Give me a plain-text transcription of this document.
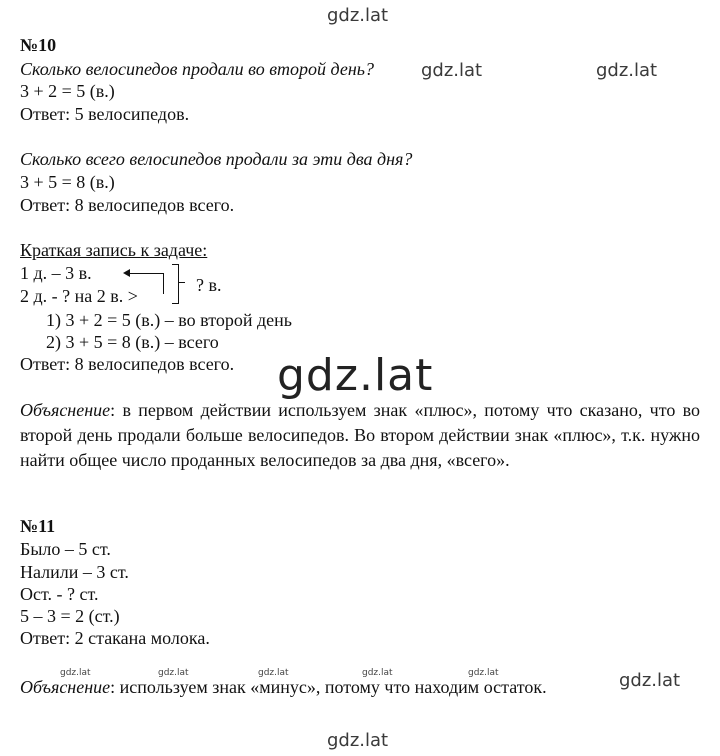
gdz.lat
gdz.lat	gdz.lat
gdz.lat
gdz.lat
gdz.lat
gdz.lat	gdz.lat	gdz.lat	gdz.lat	gdz.lat
№10
Сколько велосипедов продали во второй день?
3 + 2 = 5 (в.)
Ответ: 5 велосипедов.
Сколько всего велосипедов продали за эти два дня?
3 + 5 = 8 (в.)
Ответ: 8 велосипедов всего.
Краткая запись к задаче:
1 д. – 3 в.
2 д. - ? на 2 в. >
? в.
1) 3 + 2 = 5 (в.) – во второй день
2) 3 + 5 = 8 (в.) – всего
Ответ: 8 велосипедов всего.
Объяснение: в первом действии используем знак «плюс», потому что сказано, что во второй день продали больше велосипедов. Во втором действии знак «плюс», т.к. нужно найти общее число проданных велосипедов за два дня, «всего».
№11
Было – 5 ст.
Налили – 3 ст.
Ост. - ? ст.
5 – 3 = 2 (ст.)
Ответ: 2 стакана молока.
Объяснение: используем знак «минус», потому что находим остаток.
